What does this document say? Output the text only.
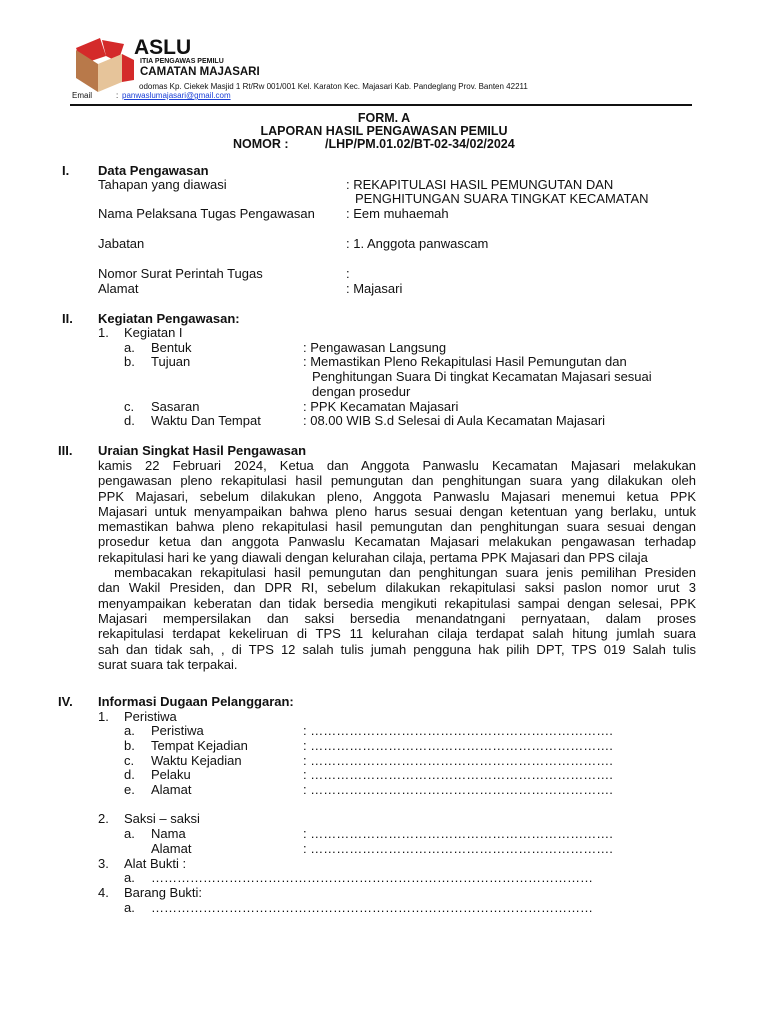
ASLU
ITIA PENGAWAS PEMILU
CAMATAN MAJASARI
odomas Kp. Ciekek Masjid 1 Rt/Rw 001/001 Kel. Karaton Kec. Majasari Kab. Pandeglang Prov. Banten 42211
Email	: panwaslumajasari@gmail.com
FORM. A
LAPORAN HASIL PENGAWASAN PEMILU
NOMOR :	/LHP/PM.01.02/BT-02-34/02/2024
I. Data Pengawasan
Tahapan yang diawasi	: REKAPITULASI HASIL PEMUNGUTAN DAN
PENGHITUNGAN SUARA TINGKAT KECAMATAN
Nama Pelaksana Tugas Pengawasan : Eem muhaemah
Jabatan	: 1. Anggota panwascam
Nomor Surat Perintah Tugas	:
Alamat	: Majasari
II. Kegiatan Pengawasan:
1. Kegiatan I
a. Bentuk	: Pengawasan Langsung
b. Tujuan	: Memastikan Pleno Rekapitulasi Hasil Pemungutan dan
Penghitungan Suara Di tingkat Kecamatan Majasari sesuai
dengan prosedur
c. Sasaran	: PPK Kecamatan Majasari
d. Waktu Dan Tempat	: 08.00 WIB S.d Selesai di Aula Kecamatan Majasari
III. Uraian Singkat Hasil Pengawasan
kamis 22 Februari 2024, Ketua dan Anggota Panwaslu Kecamatan Majasari melakukan
pengawasan pleno rekapitulasi hasil pemungutan dan penghitungan suara yang dilakukan oleh
PPK Majasari, sebelum dilakukan pleno, Anggota Panwaslu Majasari menemui ketua PPK
Majasari untuk menyampaikan bahwa pleno harus sesuai dengan ketentuan yang berlaku, untuk
memastikan bahwa pleno rekapitulasi hasil pemungutan dan penghitungan suara sesuai dengan
prosedur ketua dan anggota Panwaslu Kecamatan Majasari melakukan pengawasan terhadap
rekapitulasi hari ke yang diawali dengan kelurahan cilaja, pertama PPK Majasari dan PPS cilaja
membacakan rekapitulasi hasil pemungutan dan penghitungan suara jenis pemilihan Presiden
dan Wakil Presiden, dan DPR RI, sebelum dilakukan rekapitulasi saksi paslon nomor urut 3
menyampaikan keberatan dan tidak bersedia mengikuti rekapitulasi sampai dengan selesai, PPK
Majasari mempersilakan dan saksi bersedia menandatngani pernyataan, dalam proses
rekapitulasi terdapat kekeliruan di TPS 11 kelurahan cilaja terdapat salah hitung jumlah suara
sah dan tidak sah, , di TPS 12 salah tulis jumah pengguna hak pilih DPT, TPS 019 Salah tulis
surat suara tak terpakai.
IV. Informasi Dugaan Pelanggaran:
1. Peristiwa
a. Peristiwa	: …………………………………………………………….
b. Tempat Kejadian	: …………………………………………………………….
c. Waktu Kejadian	: …………………………………………………………….
d. Pelaku	: …………………………………………………………….
e. Alamat	: …………………………………………………………….
2. Saksi – saksi
a. Nama	: …………………………………………………………….
Alamat	: …………………………………………………………….
3. Alat Bukti :
a. …………………………………………………………………………………………
4. Barang Bukti:
a. …………………………………………………………………………………………
